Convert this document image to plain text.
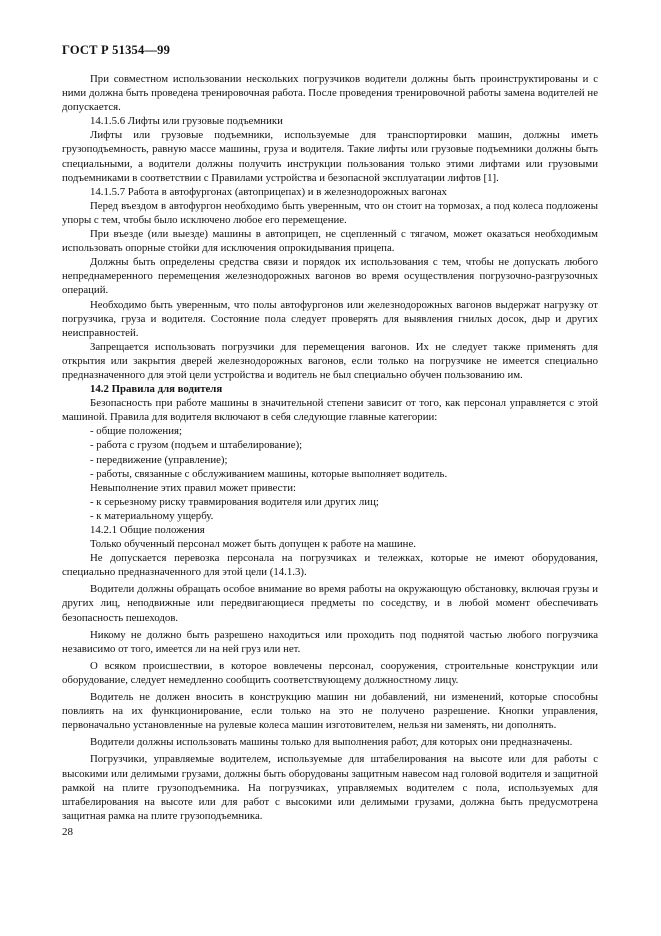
ГОСТ Р 51354—99

При совместном использовании нескольких погрузчиков водители должны быть проинструктированы и с ними должна быть проведена тренировочная работа. После проведения тренировочной работы замена водителей не допускается.

14.1.5.6 Лифты или грузовые подъемники

Лифты или грузовые подъемники, используемые для транспортировки машин, должны иметь грузоподъемность, равную массе машины, груза и водителя. Такие лифты или грузовые подъемники должны быть специальными, а водители должны получить инструкции пользования только этими лифтами или грузовыми подъемниками в соответствии с Правилами устройства и безопасной эксплуатации лифтов [1].

14.1.5.7 Работа в автофургонах (автоприцепах) и в железнодорожных вагонах

Перед въездом в автофургон необходимо быть уверенным, что он стоит на тормозах, а под колеса подложены упоры с тем, чтобы было исключено любое его перемещение.

При въезде (или выезде) машины в автоприцеп, не сцепленный с тягачом, может оказаться необходимым использовать опорные стойки для исключения опрокидывания прицепа.

Должны быть определены средства связи и порядок их использования с тем, чтобы не допускать любого непреднамеренного перемещения железнодорожных вагонов во время осуществления погрузочно-разгрузочных операций.

Необходимо быть уверенным, что полы автофургонов или железнодорожных вагонов выдержат нагрузку от погрузчика, груза и водителя. Состояние пола следует проверять для выявления гнилых досок, дыр и других неисправностей.

Запрещается использовать погрузчики для перемещения вагонов. Их не следует также применять для открытия или закрытия дверей железнодорожных вагонов, если только на погрузчике не имеется специально предназначенного для этой цели устройства и водитель не был специально обучен пользованию им.

14.2 Правила для водителя

Безопасность при работе машины в значительной степени зависит от того, как персонал управляется с этой машиной. Правила для водителя включают в себя следующие главные категории:

- общие положения;

- работа с грузом (подъем и штабелирование);

- передвижение (управление);

- работы, связанные с обслуживанием машины, которые выполняет водитель.

Невыполнение этих правил может привести:

- к серьезному риску травмирования водителя или других лиц;

- к материальному ущербу.

14.2.1 Общие положения

Только обученный персонал может быть допущен к работе на машине.

Не допускается перевозка персонала на погрузчиках и тележках, которые не имеют оборудования, специально предназначенного для этой цели (14.1.3).

Водители должны обращать особое внимание во время работы на окружающую обстановку, включая грузы и других лиц, неподвижные или передвигающиеся предметы по соседству, и в любой момент обеспечивать безопасность пешеходов.

Никому не должно быть разрешено находиться или проходить под поднятой частью любого погрузчика независимо от того, имеется ли на ней груз или нет.

О всяком происшествии, в которое вовлечены персонал, сооружения, строительные конструкции или оборудование, следует немедленно сообщить соответствующему должностному лицу.

Водитель не должен вносить в конструкцию машин ни добавлений, ни изменений, которые способны повлиять на их функционирование, если только на это не получено разрешение. Кнопки управления, первоначально установленные на рулевые колеса машин изготовителем, нельзя ни заменять, ни дополнять.

Водители должны использовать машины только для выполнения работ, для которых они предназначены.

Погрузчики, управляемые водителем, используемые для штабелирования на высоте или для работы с высокими или делимыми грузами, должны быть оборудованы защитным навесом над головой водителя и защитной рамкой на плите грузоподъемника. На погрузчиках, управляемых водителем с пола, используемых для штабелирования на высоте или для работ с высокими или делимыми грузами, должна быть предусмотрена защитная рамка на плите грузоподъемника.

28
